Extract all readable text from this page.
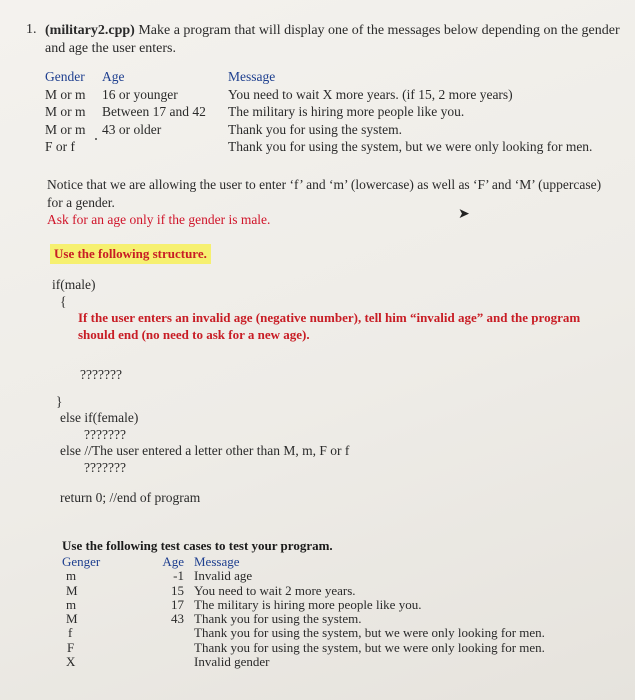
1. (military2.cpp) Make a program that will display one of the messages below depending on the gender and age the user enters.
Gender Age	Message
M or m 16 or younger	You need to wait X more years. (if 15, 2 more years)
M or m Between 17 and 42 The military is hiring more people like you.
M or m 43 or older	Thank you for using the system.
F or f	Thank you for using the system, but we were only looking for men.
Notice that we are allowing the user to enter ‘f’ and ‘m’ (lowercase) as well as ‘F’ and ‘M’ (uppercase) for a gender.
Ask for an age only if the gender is male.	➤
Use the following structure.
if(male)
{
If the user enters an invalid age (negative number), tell him “invalid age” and the program should end (no need to ask for a new age).
???????
}
else if(female)
???????
else //The user entered a letter other than M, m, F or f
???????
return 0; //end of program
Use the following test cases to test your program.
Genger	Age Message
m	-1 Invalid age
M	15 You need to wait 2 more years.
m	17 The military is hiring more people like you.
M	43 Thank you for using the system.
f	Thank you for using the system, but we were only looking for men.
F	Thank you for using the system, but we were only looking for men.
X	Invalid gender
